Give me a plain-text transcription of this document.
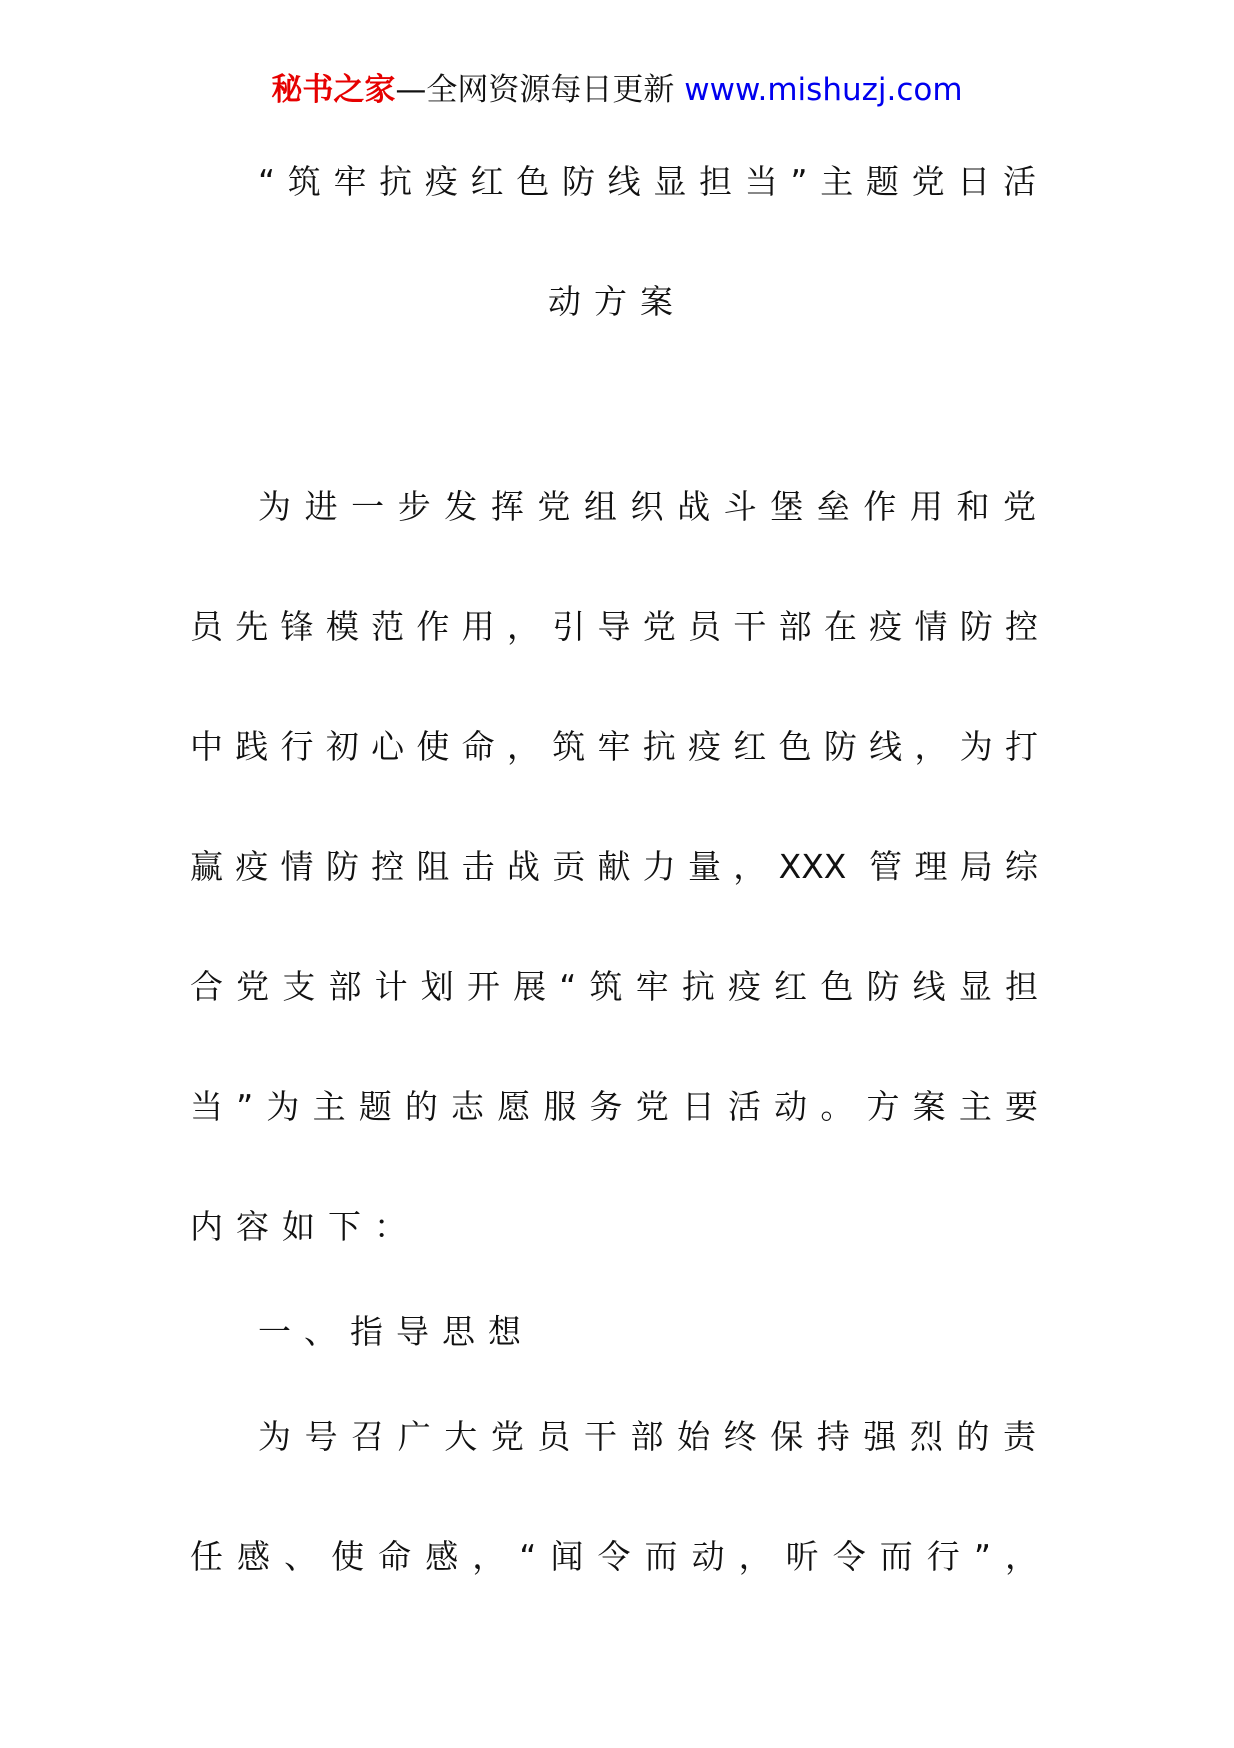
秘书之家—全网资源每日更新 www.mishuzj.com
“筑牢抗疫红色防线显担当”主题党日活
动方案
为进一步发挥党组织战斗堡垒作用和党
员先锋模范作用，引导党员干部在疫情防控
中践行初心使命，筑牢抗疫红色防线，为打
赢疫情防控阻击战贡献力量，XXX 管理局综
合党支部计划开展“筑牢抗疫红色防线显担
当”为主题的志愿服务党日活动。方案主要
内容如下：
一、指导思想
为号召广大党员干部始终保持强烈的责
任感、使命感，“闻令而动，听令而行”，
